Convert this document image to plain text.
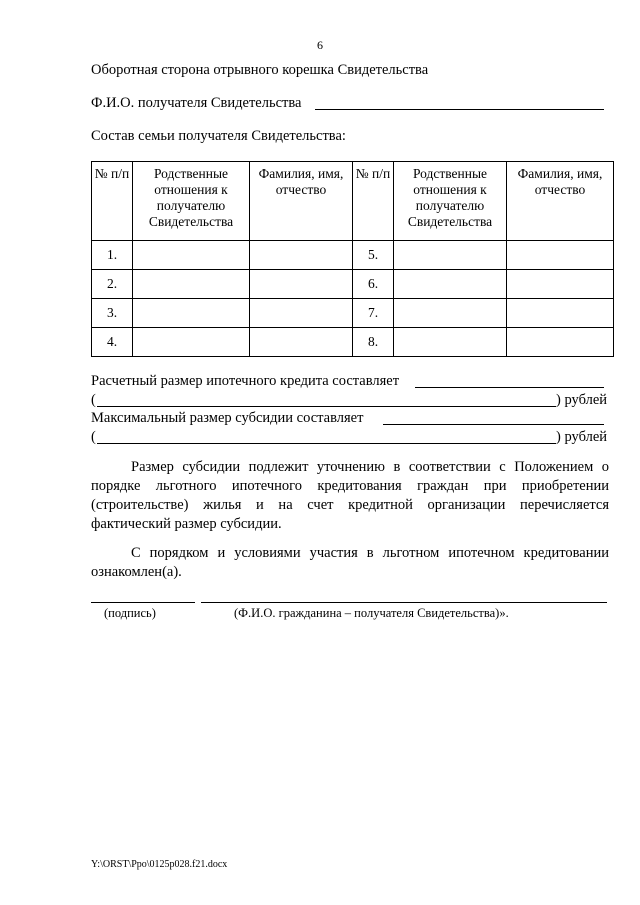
6
Оборотная сторона отрывного корешка Свидетельства
Ф.И.О. получателя Свидетельства
Состав семьи получателя Свидетельства:
№ п/п	Родственные отношения к получателю Свидетельства	Фамилия, имя, отчество	№ п/п	Родственные отношения к получателю Свидетельства	Фамилия, имя, отчество
1.			5.		
2.			6.		
3.			7.		
4.			8.		
Расчетный размер ипотечного кредита составляет
(	) рублей
Максимальный размер субсидии составляет
(	) рублей
Размер субсидии подлежит уточнению в соответствии с Положением о порядке льготного ипотечного кредитования граждан при приобретении (строительстве) жилья и на счет кредитной организации перечисляется фактический размер субсидии.
С порядком и условиями участия в льготном ипотечном кредитовании ознакомлен(а).
(подпись)	(Ф.И.О. гражданина – получателя Свидетельства)».
Y:\ORST\Ppo\0125p028.f21.docx
